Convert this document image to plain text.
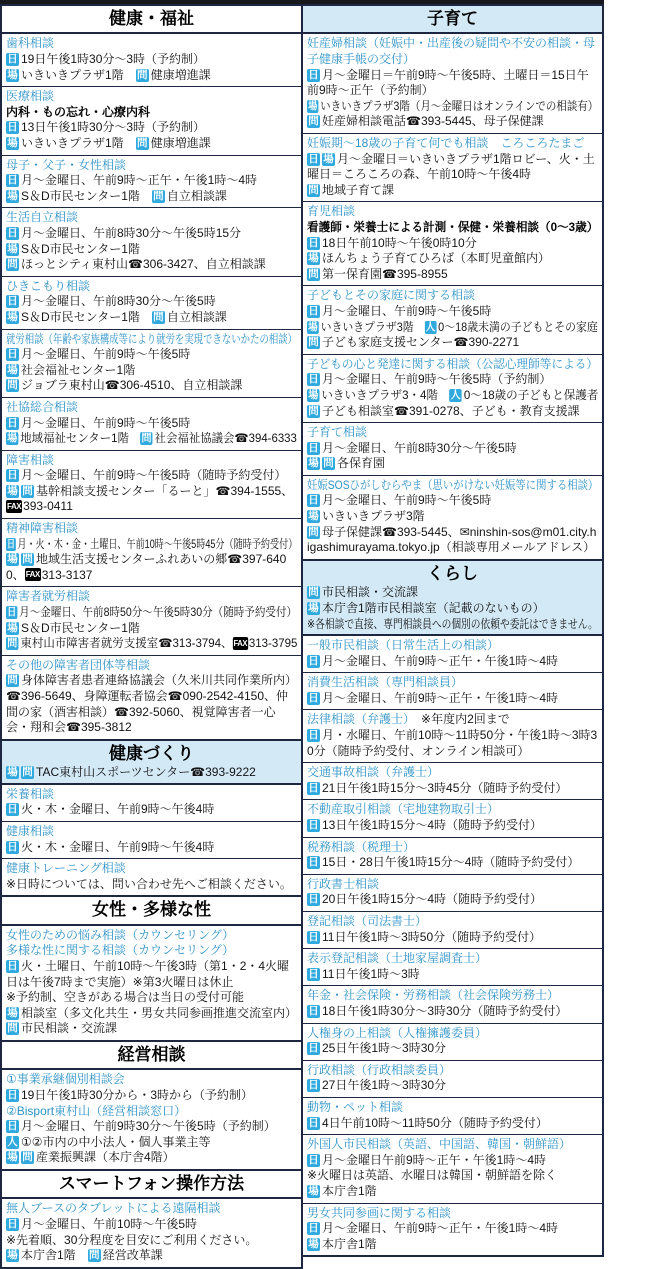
健康・福祉

歯科相談

日 19日午後1時30分〜3時（予約制）

場 いきいきプラザ1階　問 健康増進課

医療相談

内科・もの忘れ・心療内科

日 13日午後1時30分〜3時（予約制）

場 いきいきプラザ1階　問 健康増進課

母子・父子・女性相談

日 月〜金曜日、午前9時〜正午・午後1時〜4時

場 S＆D市民センター1階　問 自立相談課

生活自立相談

日 月〜金曜日、午前8時30分〜午後5時15分

場 S＆D市民センター1階

問 ほっとシティ東村山☎306-3427、自立相談課

ひきこもり相談

日 月〜金曜日、午前8時30分〜午後5時

場 S＆D市民センター1階　問 自立相談課

就労相談（年齢や家族構成等により就労を実現できないかたの相談）

日 月〜金曜日、午前9時〜午後5時

場 社会福祉センター1階

問 ジョブラ東村山☎306-4510、自立相談課

社協総合相談

日 月〜金曜日、午前9時〜午後5時

場 地域福祉センター1階　問 社会福祉協議会☎394-6333

障害相談

日 月〜金曜日、午前9時〜午後5時（随時予約受付）

場 問 基幹相談支援センター「るーと」☎394-1555、FAX 393-0411

精神障害相談

日 月・火・木・金・土曜日、午前10時〜午後5時45分（随時予約受付）

場 問 地域生活支援センターふれあいの郷☎397-6400、FAX 313-3137

障害者就労相談

日 月〜金曜日、午前8時50分〜午後5時30分（随時予約受付）

場 S＆D市民センター1階

問 東村山市障害者就労支援室☎313-3794、FAX 313-3795

その他の障害者団体等相談

問 身体障害者患者連絡協議会（久米川共同作業所内）☎396-5649、身障運転者協会☎090-2542-4150、仲間の家（酒害相談）☎392-5060、視覚障害者一心会・翔和会☎395-3812

健康づくり

場 問 TAC東村山スポーツセンター☎393-9222

栄養相談

日 火・木・金曜日、午前9時〜午後4時

健康相談

日 火・木・金曜日、午前9時〜午後4時

健康トレーニング相談

※日時については、問い合わせ先へご相談ください。

女性・多様な性

女性のための悩み相談（カウンセリング）

多様な性に関する相談（カウンセリング）

日 火・土曜日、午前10時〜午後3時（第1・2・4火曜日は午後7時まで実施）※第3火曜日は休止

※予約制、空きがある場合は当日の受付可能

場 相談室（多文化共生・男女共同参画推進交流室内）

問 市民相談・交流課

経営相談

①事業承継個別相談会

日 19日午後1時30分から・3時から（予約制）

②Bisport東村山（経営相談窓口）

日 月〜金曜日、午前9時30分〜午後5時（予約制）

人 ①②市内の中小法人・個人事業主等

場 問 産業振興課（本庁舎4階）

スマートフォン操作方法

無人ブースのタブレットによる遠隔相談

日 月〜金曜日、午前10時〜午後5時

※先着順、30分程度を目安にご利用ください。

場 本庁舎1階　問 経営改革課

子育て

妊産婦相談（妊娠中・出産後の疑問や不安の相談・母子健康手帳の交付）

日 月〜金曜日＝午前9時〜午後5時、土曜日＝15日午前9時〜正午（予約制）

場 いきいきプラザ3階（月〜金曜日はオンラインでの相談有）

問 妊産婦相談電話☎393-5445、母子保健課

妊娠期〜18歳の子育て何でも相談　ころころたまご

日 場 月〜金曜日＝いきいきプラザ1階ロビー、火・土曜日＝ころころの森、午前10時〜午後4時

問 地域子育て課

育児相談

看護師・栄養士による計測・保健・栄養相談（0〜3歳）

日 18日午前10時〜午後0時10分

場 ほんちょう子育てひろば（本町児童館内）

問 第一保育園☎395-8955

子どもとその家庭に関する相談

日 月〜金曜日、午前9時〜午後5時

場 いきいきプラザ3階　人 0〜18歳未満の子どもとその家庭

問 子ども家庭支援センター☎390-2271

子どもの心と発達に関する相談（公認心理師等による）

日 月〜金曜日、午前9時〜午後5時（予約制）

場 いきいきプラザ3・4階　人 0〜18歳の子どもと保護者

問 子ども相談室☎391-0278、子ども・教育支援課

子育て相談

日 月〜金曜日、午前8時30分〜午後5時

場 問 各保育園

妊娠SOSひがしむらやま（思いがけない妊娠等に関する相談）

日 月〜金曜日、午前9時〜午後5時

場 いきいきプラザ3階

問 母子保健課☎393-5445、✉ninshin-sos@m01.city.higashimurayama.tokyo.jp（相談専用メールアドレス）

くらし

問 市民相談・交流課

場 本庁舎1階市民相談室（記載のないもの）

※各相談で直接、専門相談員への個別の依頼や委託はできません。

一般市民相談（日常生活上の相談）

日 月〜金曜日、午前9時〜正午・午後1時〜4時

消費生活相談（専門相談員）

日 月〜金曜日、午前9時〜正午・午後1時〜4時

法律相談（弁護士）　※年度内2回まで

日 月・水曜日、午前10時〜11時50分・午後1時〜3時30分（随時予約受付、オンライン相談可）

交通事故相談（弁護士）

日 21日午後1時15分〜3時45分（随時予約受付）

不動産取引相談（宅地建物取引士）

日 13日午後1時15分〜4時（随時予約受付）

税務相談（税理士）

日 15日・28日午後1時15分〜4時（随時予約受付）

行政書士相談

日 20日午後1時15分〜4時（随時予約受付）

登記相談（司法書士）

日 11日午後1時〜3時50分（随時予約受付）

表示登記相談（土地家屋調査士）

日 11日午後1時〜3時

年金・社会保険・労務相談（社会保険労務士）

日 18日午後1時30分〜3時30分（随時予約受付）

人権身の上相談（人権擁護委員）

日 25日午後1時〜3時30分

行政相談（行政相談委員）

日 27日午後1時〜3時30分

動物・ペット相談

日 4日午前10時〜11時50分（随時予約受付）

外国人市民相談（英語、中国語、韓国・朝鮮語）

日 月〜金曜日午前9時〜正午・午後1時〜4時

※火曜日は英語、水曜日は韓国・朝鮮語を除く

場 本庁舎1階

男女共同参画に関する相談

日 月〜金曜日、午前9時〜正午・午後1時〜4時

場 本庁舎1階
